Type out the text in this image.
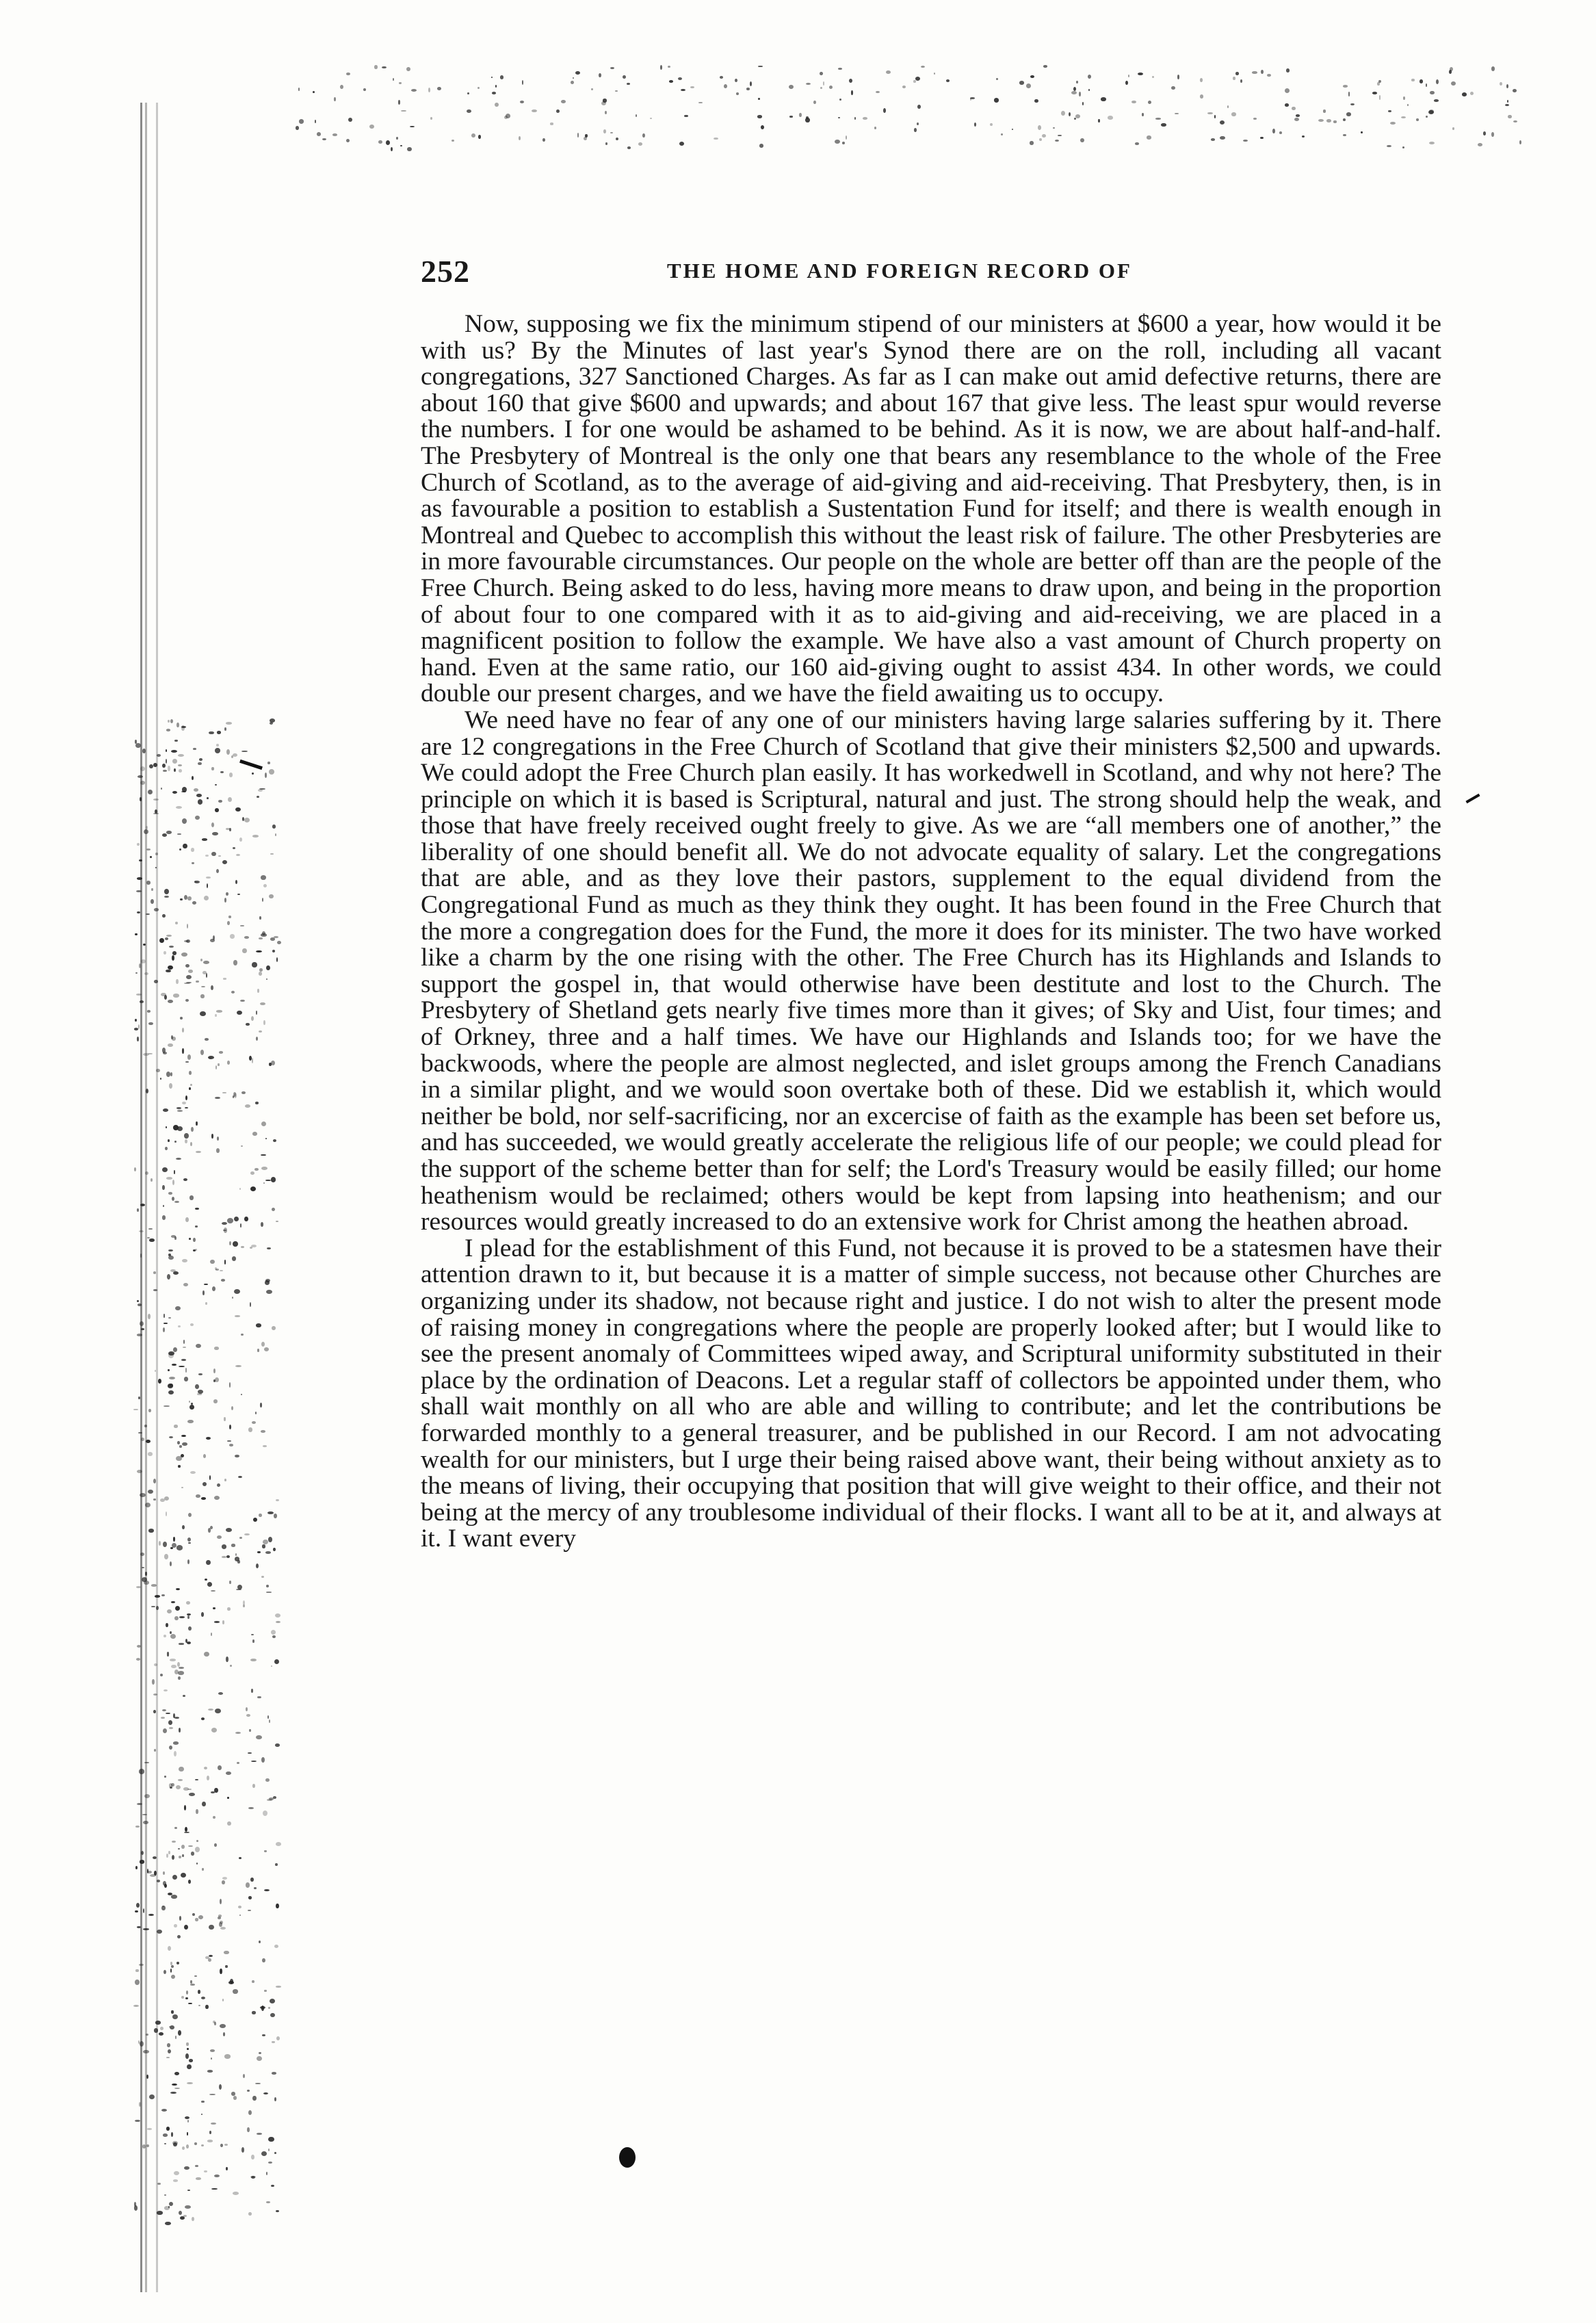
252	THE HOME AND FOREIGN RECORD OF

Now, supposing we fix the minimum stipend of our ministers at $600 a year, how would it be with us? By the Minutes of last year's Synod there are on the roll, including all vacant congregations, 327 Sanctioned Charges. As far as I can make out amid defective returns, there are about 160 that give $600 and upwards; and about 167 that give less. The least spur would reverse the numbers. I for one would be ashamed to be behind. As it is now, we are about half-and-half. The Presbytery of Montreal is the only one that bears any resemblance to the whole of the Free Church of Scotland, as to the average of aid-giving and aid-receiving. That Presbytery, then, is in as favourable a position to establish a Sustentation Fund for itself; and there is wealth enough in Montreal and Quebec to accomplish this without the least risk of failure. The other Presbyteries are in more favourable circumstances. Our people on the whole are better off than are the people of the Free Church. Being asked to do less, having more means to draw upon, and being in the proportion of about four to one compared with it as to aid-giving and aid-receiving, we are placed in a magnificent position to follow the example. We have also a vast amount of Church property on hand. Even at the same ratio, our 160 aid-giving ought to assist 434. In other words, we could double our present charges, and we have the field awaiting us to occupy.

We need have no fear of any one of our ministers having large salaries suffering by it. There are 12 congregations in the Free Church of Scotland that give their ministers $2,500 and upwards. We could adopt the Free Church plan easily. It has workedwell in Scotland, and why not here? The principle on which it is based is Scriptural, natural and just. The strong should help the weak, and those that have freely received ought freely to give. As we are “all members one of another,” the liberality of one should benefit all. We do not advocate equality of salary. Let the congregations that are able, and as they love their pastors, supplement to the equal dividend from the Congregational Fund as much as they think they ought. It has been found in the Free Church that the more a congregation does for the Fund, the more it does for its minister. The two have worked like a charm by the one rising with the other. The Free Church has its Highlands and Islands to support the gospel in, that would otherwise have been destitute and lost to the Church. The Presbytery of Shetland gets nearly five times more than it gives; of Sky and Uist, four times; and of Orkney, three and a half times. We have our Highlands and Islands too; for we have the backwoods, where the people are almost neglected, and islet groups among the French Canadians in a similar plight, and we would soon overtake both of these. Did we establish it, which would neither be bold, nor self-sacrificing, nor an excercise of faith as the example has been set before us, and has succeeded, we would greatly accelerate the religious life of our people; we could plead for the support of the scheme better than for self; the Lord's Treasury would be easily filled; our home heathenism would be reclaimed; others would be kept from lapsing into heathenism; and our resources would greatly increased to do an extensive work for Christ among the heathen abroad.

I plead for the establishment of this Fund, not because it is proved to be a statesmen have their attention drawn to it, but because it is a matter of simple success, not because other Churches are organizing under its shadow, not because right and justice. I do not wish to alter the present mode of raising money in congregations where the people are properly looked after; but I would like to see the present anomaly of Committees wiped away, and Scriptural uniformity substituted in their place by the ordination of Deacons. Let a regular staff of collectors be appointed under them, who shall wait monthly on all who are able and willing to contribute; and let the contributions be forwarded monthly to a general treasurer, and be published in our Record. I am not advocating wealth for our ministers, but I urge their being raised above want, their being without anxiety as to the means of living, their occupying that position that will give weight to their office, and their not being at the mercy of any troublesome individual of their flocks. I want all to be at it, and always at it. I want every
